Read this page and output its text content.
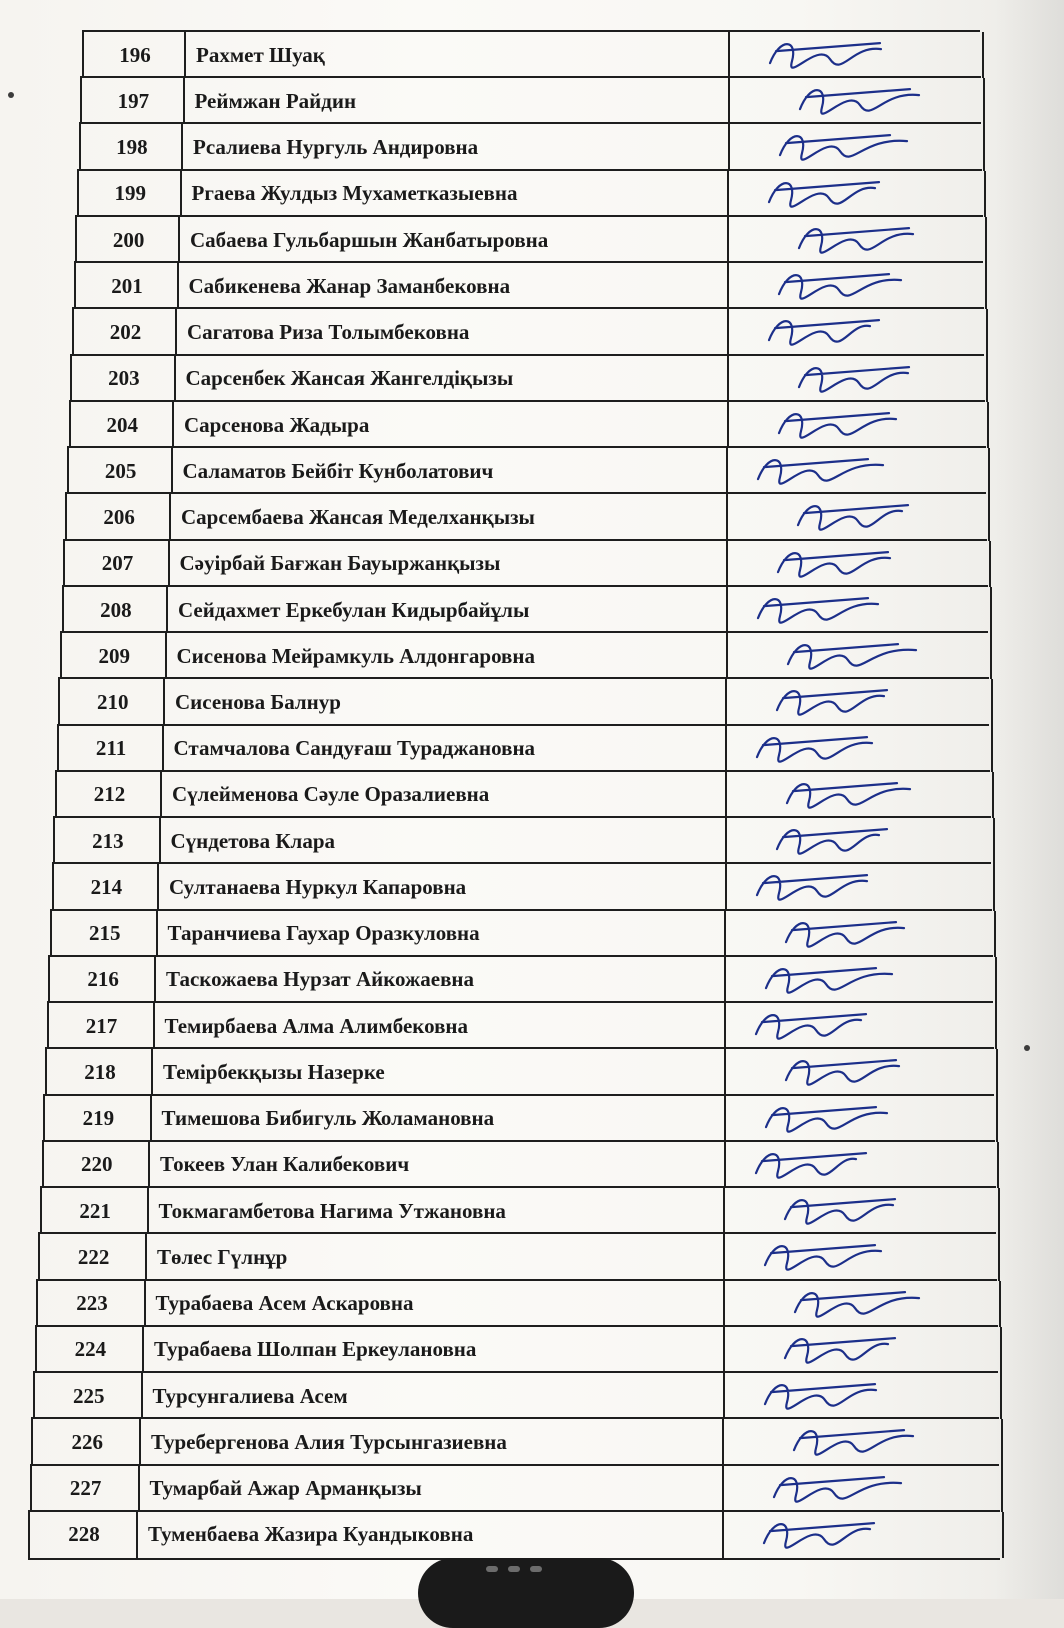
196	Рахмет Шуақ
197	Реймжан Райдин
198	Рсалиева Нургуль Андировна
199	Ргаева Жулдыз Мухаметказыевна
200	Сабаева Гульбаршын Жанбатыровна
201	Сабикенева Жанар Заманбековна
202	Сагатова Риза Толымбековна
203	Сарсенбек Жансая Жангелдіқызы
204	Сарсенова Жадыра
205	Саламатов Бейбіт Кунболатович
206	Сарсембаева Жансая Меделханқызы
207	Сәуірбай Бағжан Бауыржанқызы
208	Сейдахмет Еркебулан Кидырбайұлы
209	Сисенова Мейрамкуль Алдонгаровна
210	Сисенова Балнур
211	Стамчалова Сандуғаш Тураджановна
212	Сүлейменова Сәуле Оразалиевна
213	Сүндетова Клара
214	Султанаева Нуркул Капаровна
215	Таранчиева Гаухар Оразкуловна
216	Таскожаева Нурзат Айкожаевна
217	Темирбаева Алма Алимбековна
218	Темірбекқызы Назерке
219	Тимешова Бибигуль Жоламановна
220	Токеев Улан Калибекович
221	Токмагамбетова Нагима Утжановна
222	Төлес Гүлнұр
223	Турабаева Асем Аскаровна
224	Турабаева Шолпан Еркеулановна
225	Турсунгалиева Асем
226	Туребергенова Алия Турсынгазиевна
227	Тумарбай Ажар Арманқызы
228	Туменбаева Жазира Куандыковна
